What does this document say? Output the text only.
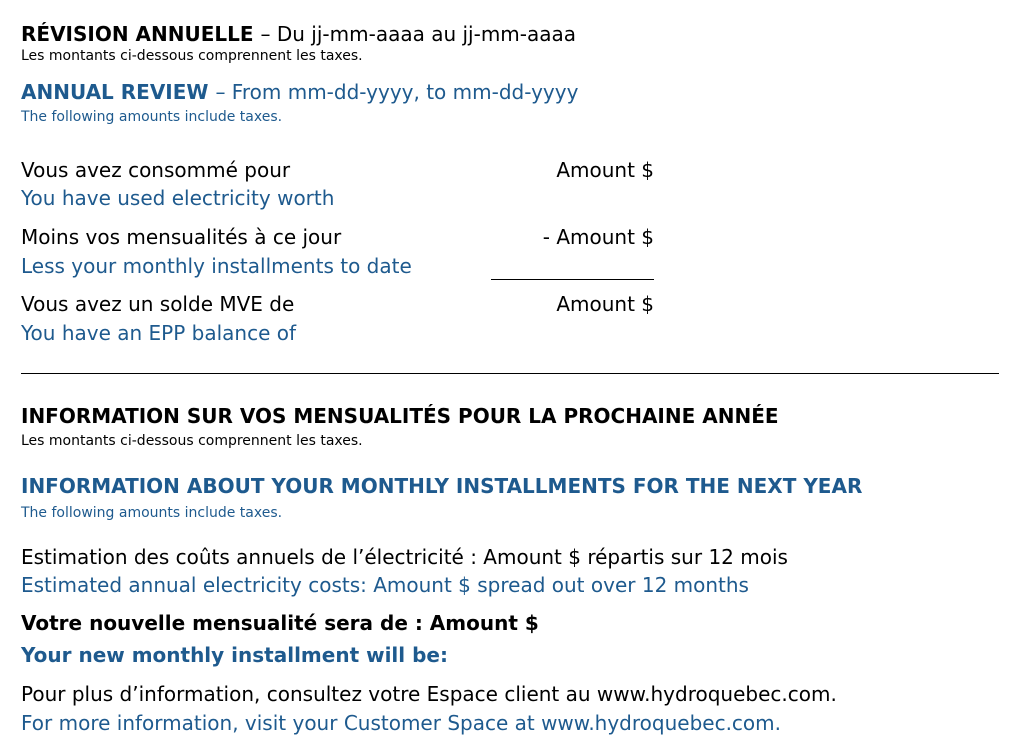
RÉVISION ANNUELLE – Du jj-mm-aaaa au jj-mm-aaaa
Les montants ci-dessous comprennent les taxes.
ANNUAL REVIEW – From mm-dd-yyyy, to mm-dd-yyyy
The following amounts include taxes.
Vous avez consommé pour
You have used electricity worth
Amount $
Moins vos mensualités à ce jour
Less your monthly installments to date
- Amount $
Vous avez un solde MVE de
You have an EPP balance of
Amount $
INFORMATION SUR VOS MENSUALITÉS POUR LA PROCHAINE ANNÉE
Les montants ci-dessous comprennent les taxes.
INFORMATION ABOUT YOUR MONTHLY INSTALLMENTS FOR THE NEXT YEAR
The following amounts include taxes.
Estimation des coûts annuels de l’électricité : Amount $ répartis sur 12 mois
Estimated annual electricity costs: Amount $ spread out over 12 months
Votre nouvelle mensualité sera de : Amount $
Your new monthly installment will be:
Pour plus d’information, consultez votre Espace client au www.hydroquebec.com.
For more information, visit your Customer Space at www.hydroquebec.com.
